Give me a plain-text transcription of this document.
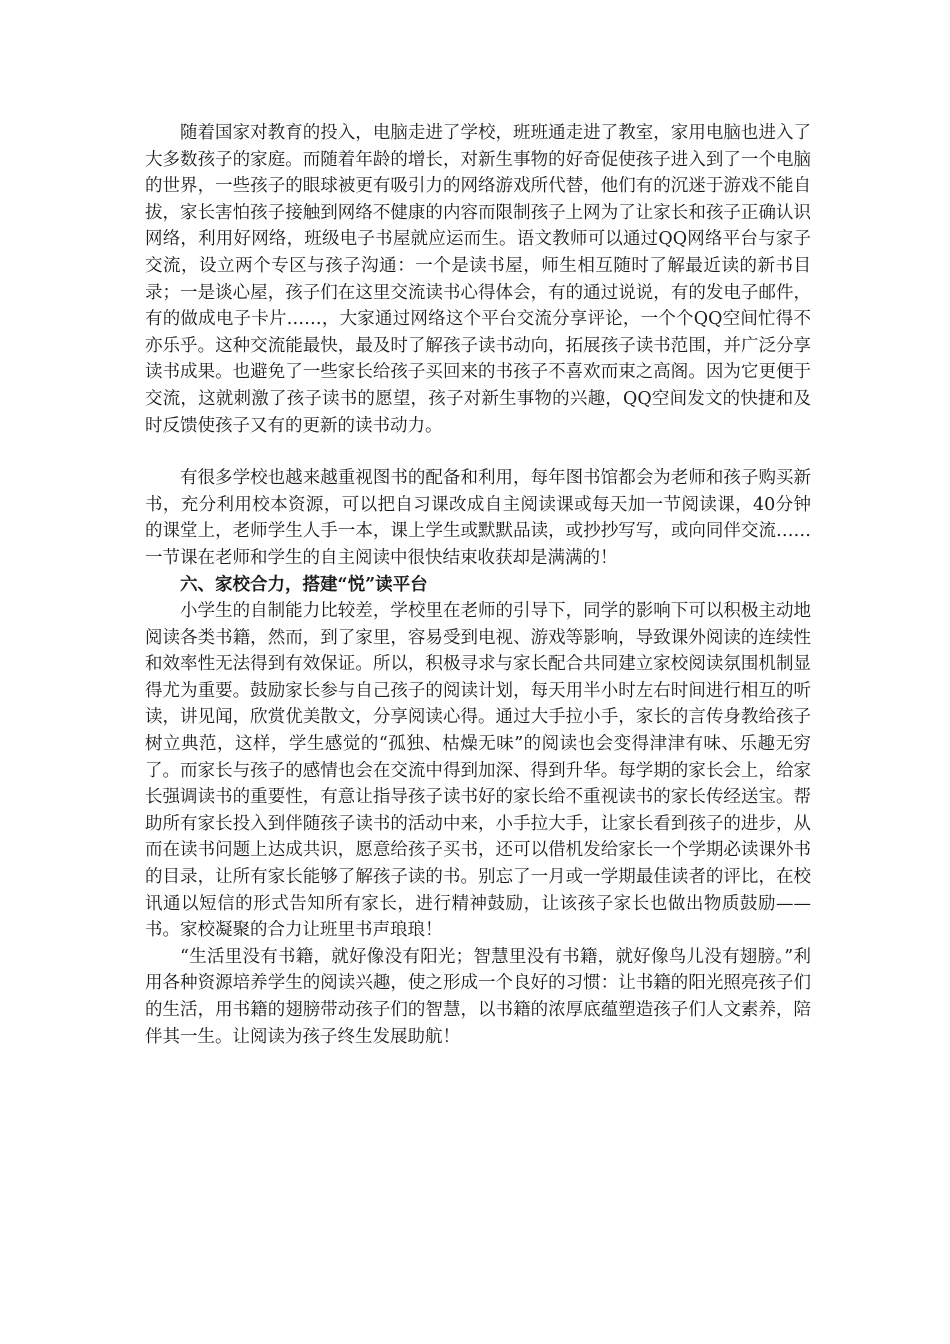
随着国家对教育的投入，电脑走进了学校，班班通走进了教室，家用电脑也进入了大多数孩子的家庭。而随着年龄的增长，对新生事物的好奇促使孩子进入到了一个电脑的世界，一些孩子的眼球被更有吸引力的网络游戏所代替，他们有的沉迷于游戏不能自拔，家长害怕孩子接触到网络不健康的内容而限制孩子上网为了让家长和孩子正确认识网络，利用好网络，班级电子书屋就应运而生。语文教师可以通过QQ网络平台与家子交流，设立两个专区与孩子沟通：一个是读书屋，师生相互随时了解最近读的新书目录；一是谈心屋，孩子们在这里交流读书心得体会，有的通过说说，有的发电子邮件，有的做成电子卡片……，大家通过网络这个平台交流分享评论，一个个QQ空间忙得不亦乐乎。这种交流能最快，最及时了解孩子读书动向，拓展孩子读书范围，并广泛分享读书成果。也避免了一些家长给孩子买回来的书孩子不喜欢而束之高阁。因为它更便于交流，这就刺激了孩子读书的愿望，孩子对新生事物的兴趣，QQ空间发文的快捷和及时反馈使孩子又有的更新的读书动力。

有很多学校也越来越重视图书的配备和利用，每年图书馆都会为老师和孩子购买新书，充分利用校本资源，可以把自习课改成自主阅读课或每天加一节阅读课，40分钟的课堂上，老师学生人手一本，课上学生或默默品读，或抄抄写写，或向同伴交流……一节课在老师和学生的自主阅读中很快结束收获却是满满的！

六、家校合力，搭建“悦”读平台

小学生的自制能力比较差，学校里在老师的引导下，同学的影响下可以积极主动地阅读各类书籍，然而，到了家里，容易受到电视、游戏等影响，导致课外阅读的连续性和效率性无法得到有效保证。所以，积极寻求与家长配合共同建立家校阅读氛围机制显得尤为重要。鼓励家长参与自己孩子的阅读计划，每天用半小时左右时间进行相互的听读，讲见闻，欣赏优美散文，分享阅读心得。通过大手拉小手，家长的言传身教给孩子树立典范，这样，学生感觉的“孤独、枯燥无味”的阅读也会变得津津有味、乐趣无穷了。而家长与孩子的感情也会在交流中得到加深、得到升华。每学期的家长会上，给家长强调读书的重要性，有意让指导孩子读书好的家长给不重视读书的家长传经送宝。帮助所有家长投入到伴随孩子读书的活动中来，小手拉大手，让家长看到孩子的进步，从而在读书问题上达成共识，愿意给孩子买书，还可以借机发给家长一个学期必读课外书的目录，让所有家长能够了解孩子读的书。别忘了一月或一学期最佳读者的评比，在校讯通以短信的形式告知所有家长，进行精神鼓励，让该孩子家长也做出物质鼓励——书。家校凝聚的合力让班里书声琅琅！

“生活里没有书籍，就好像没有阳光；智慧里没有书籍，就好像鸟儿没有翅膀。”利用各种资源培养学生的阅读兴趣，使之形成一个良好的习惯：让书籍的阳光照亮孩子们的生活，用书籍的翅膀带动孩子们的智慧，以书籍的浓厚底蕴塑造孩子们人文素养，陪伴其一生。让阅读为孩子终生发展助航！
